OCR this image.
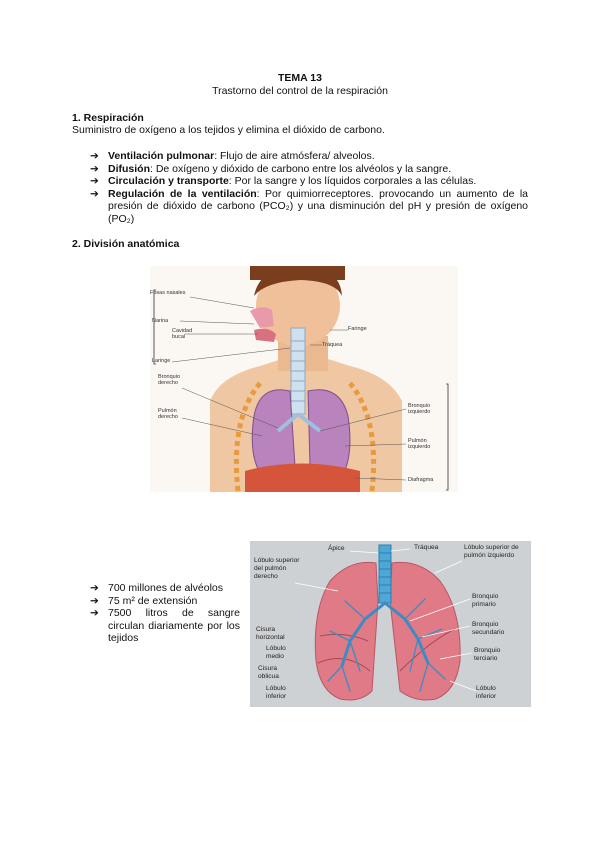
TEMA 13
Trastorno del control de la respiración
1. Respiración
Suministro de oxígeno a los tejidos y elimina el dióxido de carbono.
➔ Ventilación pulmonar: Flujo de aire atmósfera/ alveolos.
➔ Difusión: De oxígeno y dióxido de carbono entre los alvéolos y la sangre.
➔ Circulación y transporte: Por la sangre y los líquidos corporales a las células.
➔ Regulación de la ventilación: Por quimiorreceptores. provocando un aumento de la presión de dióxido de carbono (PCO₂) y una disminución del pH y presión de oxígeno (PO₂)
2. División anatómica
Fosas nasales
Narina
Cavidad bucal
Laringe
Bronquio derecho
Pulmón derecho
Faringe
Tráquea
Bronquio izquierdo
Pulmón izquierdo
Diafragma
➔ 700 millones de alvéolos
➔ 75 m² de extensión
➔ 7500 litros de sangre circulan diariamente por los tejidos
Ápice	Tráquea	Lóbulo superior de pulmón izquierdo
Lóbulo superior del pulmón derecho
Bronquio primario
Bronquio secundario
Bronquio terciario
Cisura horizontal
Lóbulo medio
Cisura oblicua
Lóbulo inferior
Lóbulo inferior
